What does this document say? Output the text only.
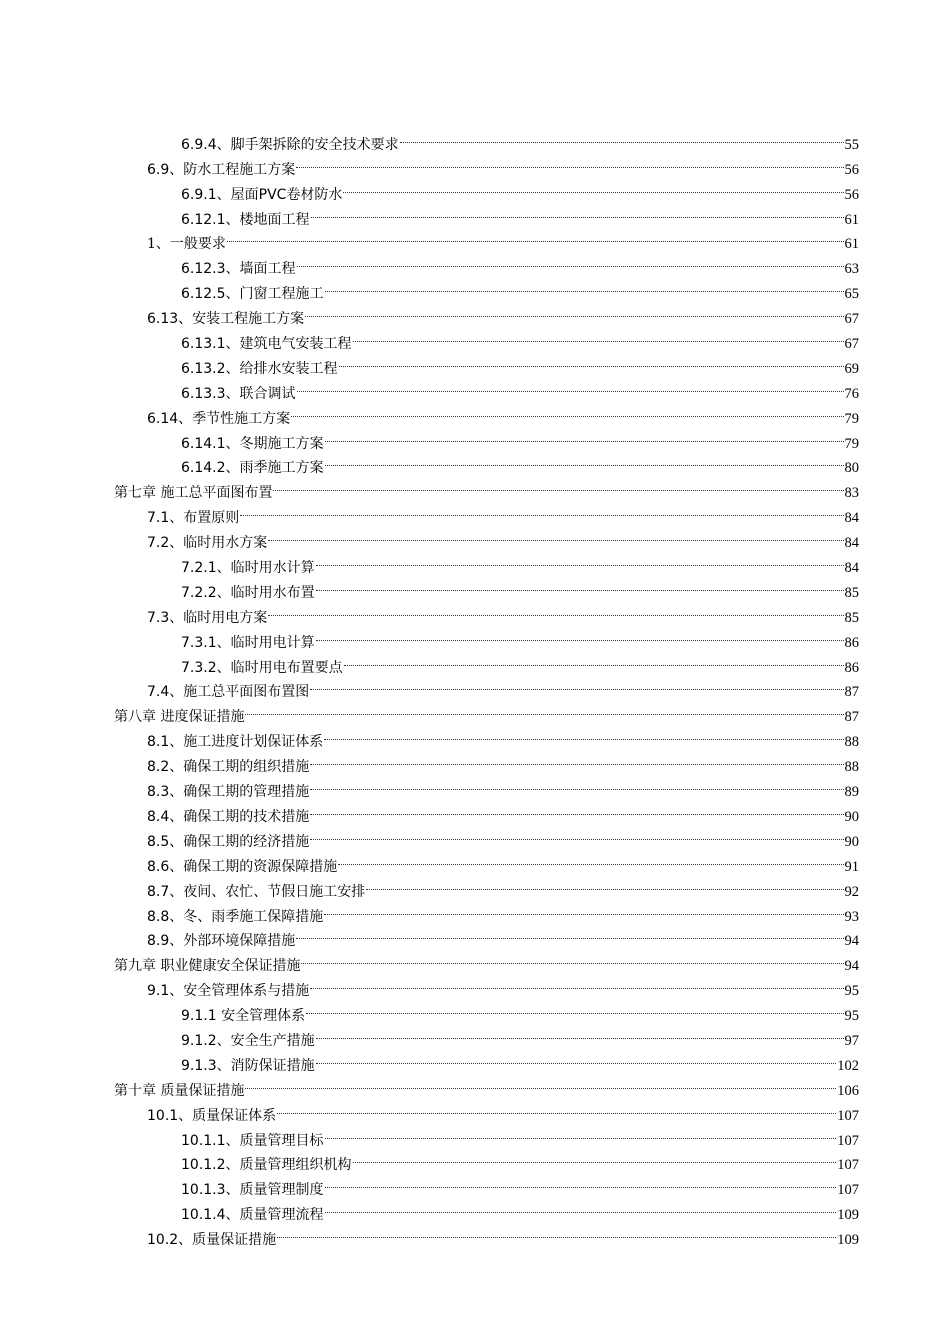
6.9.4、脚手架拆除的安全技术要求	55
6.9、防水工程施工方案	56
6.9.1、屋面PVC卷材防水	56
6.12.1、楼地面工程	61
1、一般要求	61
6.12.3、墙面工程	63
6.12.5、门窗工程施工	65
6.13、安装工程施工方案	67
6.13.1、建筑电气安装工程	67
6.13.2、给排水安装工程	69
6.13.3、联合调试	76
6.14、季节性施工方案	79
6.14.1、冬期施工方案	79
6.14.2、雨季施工方案	80
第七章 施工总平面图布置	83
7.1、布置原则	84
7.2、临时用水方案	84
7.2.1、临时用水计算	84
7.2.2、临时用水布置	85
7.3、临时用电方案	85
7.3.1、临时用电计算	86
7.3.2、临时用电布置要点	86
7.4、施工总平面图布置图	87
第八章 进度保证措施	87
8.1、施工进度计划保证体系	88
8.2、确保工期的组织措施	88
8.3、确保工期的管理措施	89
8.4、确保工期的技术措施	90
8.5、确保工期的经济措施	90
8.6、确保工期的资源保障措施	91
8.7、夜间、农忙、节假日施工安排	92
8.8、冬、雨季施工保障措施	93
8.9、外部环境保障措施	94
第九章 职业健康安全保证措施	94
9.1、安全管理体系与措施	95
9.1.1 安全管理体系	95
9.1.2、安全生产措施	97
9.1.3、消防保证措施	102
第十章 质量保证措施	106
10.1、质量保证体系	107
10.1.1、质量管理目标	107
10.1.2、质量管理组织机构	107
10.1.3、质量管理制度	107
10.1.4、质量管理流程	109
10.2、质量保证措施	109
